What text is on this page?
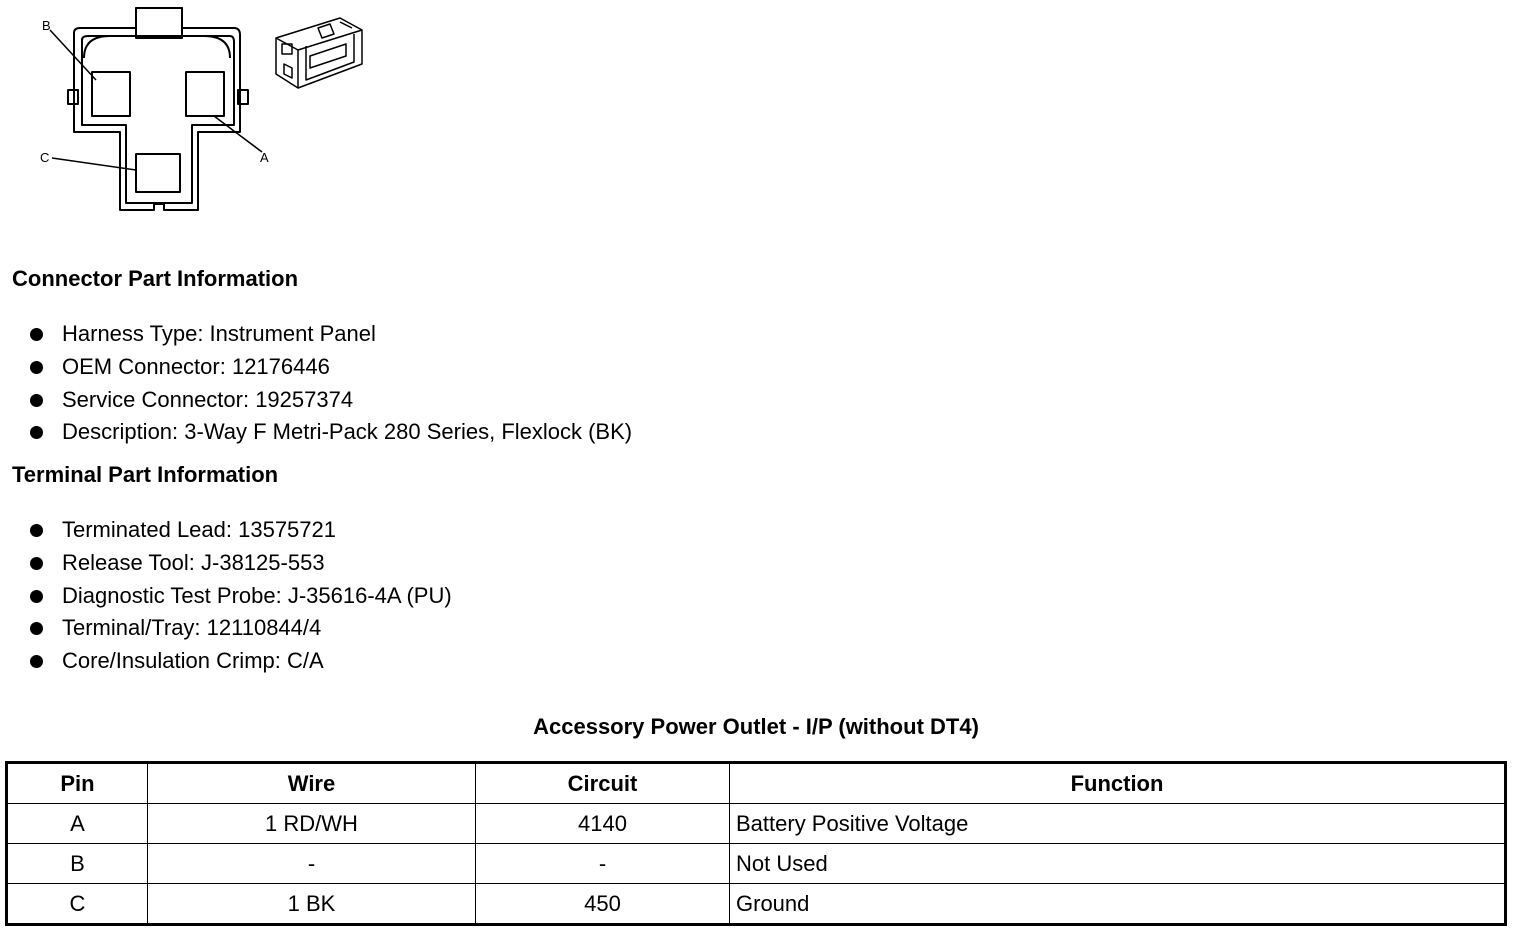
B
A
C
Connector Part Information
Harness Type: Instrument Panel
OEM Connector: 12176446
Service Connector: 19257374
Description: 3-Way F Metri-Pack 280 Series, Flexlock (BK)
Terminal Part Information
Terminated Lead: 13575721
Release Tool: J-38125-553
Diagnostic Test Probe: J-35616-4A (PU)
Terminal/Tray: 12110844/4
Core/Insulation Crimp: C/A
Accessory Power Outlet - I/P (without DT4)
Pin	Wire	Circuit	Function
A	1 RD/WH	4140	Battery Positive Voltage
B	-	-	Not Used
C	1 BK	450	Ground
